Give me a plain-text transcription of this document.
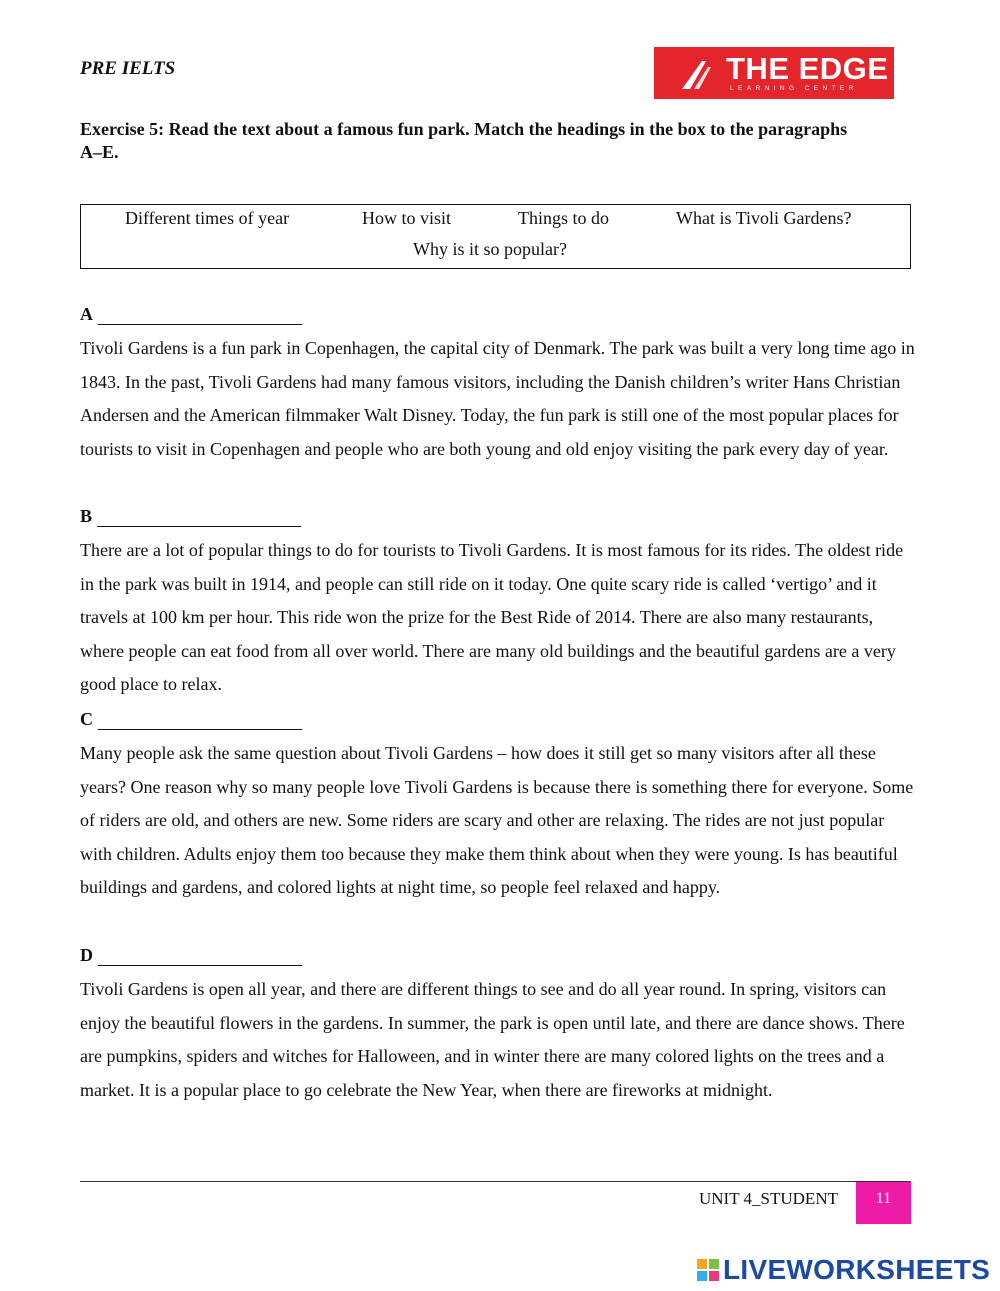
PRE IELTS	THE EDGE
LEARNING CENTER
Exercise 5: Read the text about a famous fun park. Match the headings in the box to the paragraphs A–E.
Different times of year	How to visit	Things to do	What is Tivoli Gardens?
Why is it so popular?
A

Tivoli Gardens is a fun park in Copenhagen, the capital city of Denmark. The park was built a very long time ago in 1843. In the past, Tivoli Gardens had many famous visitors, including the Danish children’s writer Hans Christian Andersen and the American filmmaker Walt Disney. Today, the fun park is still one of the most popular places for tourists to visit in Copenhagen and people who are both young and old enjoy visiting the park every day of year.

B

There are a lot of popular things to do for tourists to Tivoli Gardens. It is most famous for its rides. The oldest ride in the park was built in 1914, and people can still ride on it today. One quite scary ride is called ‘vertigo’ and it travels at 100 km per hour. This ride won the prize for the Best Ride of 2014. There are also many restaurants, where people can eat food from all over world. There are many old buildings and the beautiful gardens are a very good place to relax.

C

Many people ask the same question about Tivoli Gardens – how does it still get so many visitors after all these years? One reason why so many people love Tivoli Gardens is because there is something there for everyone. Some of riders are old, and others are new. Some riders are scary and other are relaxing. The rides are not just popular with children. Adults enjoy them too because they make them think about when they were young. Is has beautiful buildings and gardens, and colored lights at night time, so people feel relaxed and happy.

D

Tivoli Gardens is open all year, and there are different things to see and do all year round. In spring, visitors can enjoy the beautiful flowers in the gardens. In summer, the park is open until late, and there are dance shows. There are pumpkins, spiders and witches for Halloween, and in winter there are many colored lights on the trees and a market. It is a popular place to go celebrate the New Year, when there are fireworks at midnight.

UNIT 4_STUDENT	11
LIVEWORKSHEETS
